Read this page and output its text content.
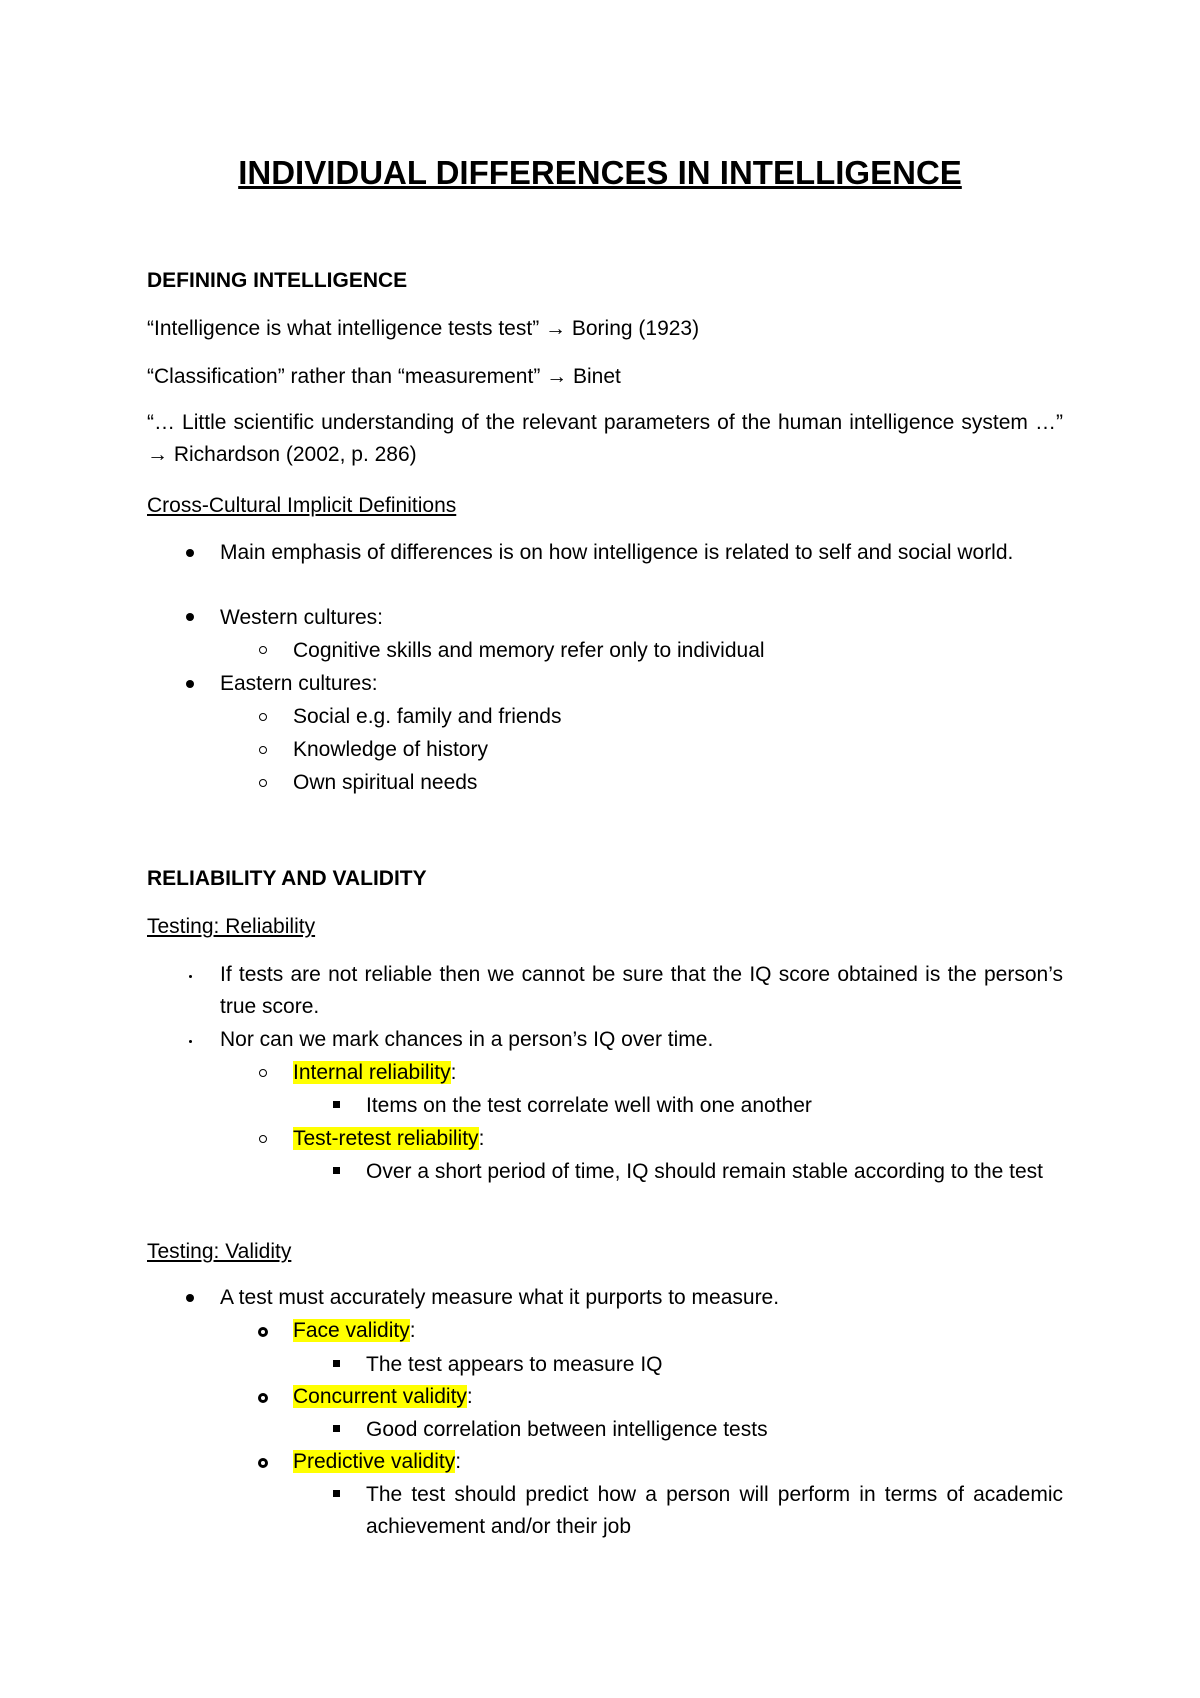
INDIVIDUAL DIFFERENCES IN INTELLIGENCE
DEFINING INTELLIGENCE
“Intelligence is what intelligence tests test” → Boring (1923)
“Classification” rather than “measurement” → Binet
“… Little scientific understanding of the relevant parameters of the human intelligence system …” → Richardson (2002, p. 286)
Cross-Cultural Implicit Definitions
Main emphasis of differences is on how intelligence is related to self and social world.
Western cultures:
Cognitive skills and memory refer only to individual
Eastern cultures:
Social e.g. family and friends
Knowledge of history
Own spiritual needs
RELIABILITY AND VALIDITY
Testing: Reliability
If tests are not reliable then we cannot be sure that the IQ score obtained is the person’s true score.
Nor can we mark chances in a person’s IQ over time.
Internal reliability:
Items on the test correlate well with one another
Test-retest reliability:
Over a short period of time, IQ should remain stable according to the test
Testing: Validity
A test must accurately measure what it purports to measure.
Face validity:
The test appears to measure IQ
Concurrent validity:
Good correlation between intelligence tests
Predictive validity:
The test should predict how a person will perform in terms of academic achievement and/or their job
